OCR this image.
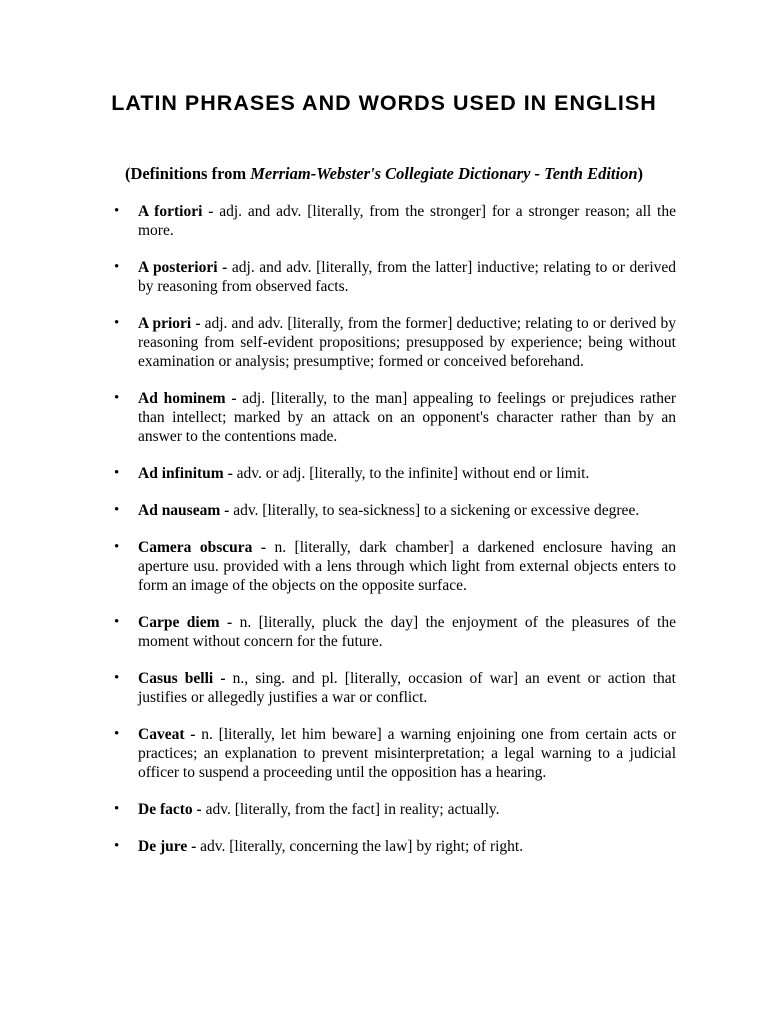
LATIN PHRASES AND WORDS USED IN ENGLISH

(Definitions from Merriam-Webster's Collegiate Dictionary - Tenth Edition)

• A fortiori - adj. and adv. [literally, from the stronger] for a stronger reason; all the more.
• A posteriori - adj. and adv. [literally, from the latter] inductive; relating to or derived by reasoning from observed facts.
• A priori - adj. and adv. [literally, from the former] deductive; relating to or derived by reasoning from self-evident propositions; presupposed by experience; being without examination or analysis; presumptive; formed or conceived beforehand.
• Ad hominem - adj. [literally, to the man] appealing to feelings or prejudices rather than intellect; marked by an attack on an opponent's character rather than by an answer to the contentions made.
• Ad infinitum - adv. or adj. [literally, to the infinite] without end or limit.
• Ad nauseam - adv. [literally, to sea-sickness] to a sickening or excessive degree.
• Camera obscura - n. [literally, dark chamber] a darkened enclosure having an aperture usu. provided with a lens through which light from external objects enters to form an image of the objects on the opposite surface.
• Carpe diem - n. [literally, pluck the day] the enjoyment of the pleasures of the moment without concern for the future.
• Casus belli - n., sing. and pl. [literally, occasion of war] an event or action that justifies or allegedly justifies a war or conflict.
• Caveat - n. [literally, let him beware] a warning enjoining one from certain acts or practices; an explanation to prevent misinterpretation; a legal warning to a judicial officer to suspend a proceeding until the opposition has a hearing.
• De facto - adv. [literally, from the fact] in reality; actually.
• De jure - adv. [literally, concerning the law] by right; of right.
